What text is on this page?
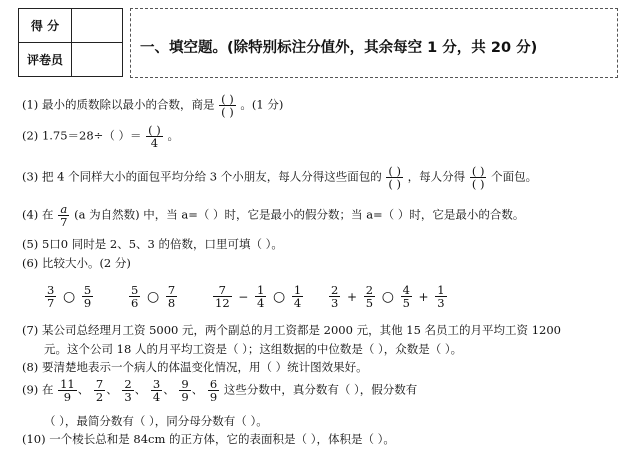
得 分	
评卷员	
一、填空题。(除特别标注分值外，其余每空 1 分，共 20 分)
(1) 最小的质数除以最小的合数，商是 $\frac{( )}{( )}$ 。(1 分)
(2) 1.75＝28÷（ ）＝ $\frac{( )}{4}$ 。
(3) 把 4 个同样大小的面包平均分给 3 个小朋友，每人分得这些面包的 $\frac{( )}{( )}$ ，每人分得 $\frac{( )}{( )}$ 个面包。
(4) 在 $\frac{a}{7} (a$ 为自然数) 中，当 a=（ ）时，它是最小的假分数；当 a=（ ）时，它是最小的合数。
(5) 5口0 同时是 2、5、3 的倍数，口里可填（ ）。
(6) 比较大小。(2 分)
$\frac{3}{7}$ ○ $\frac{5}{9}$	$\frac{5}{6}$ ○ $\frac{7}{8}$	$\frac{7}{12} - \frac{1}{4}$ ○ $\frac{1}{4} \frac{2}{3} + \frac{2}{5}$ ○ $\frac{4}{5} + \frac{1}{3}$
(7) 某公司总经理月工资 5000 元，两个副总的月工资都是 2000 元，其他 15 名员工的月平均工资 1200
元。这个公司 18 人的月平均工资是（ ）；这组数据的中位数是（ ），众数是（ ）。
(8) 要清楚地表示一个病人的体温变化情况，用（ ）统计图效果好。
(9) 在 $\frac{11}{9}$ 、 $\frac{7}{2}$ 、 $\frac{2}{3}$ 、 $\frac{3}{4}$ 、 $\frac{9}{9}$ 、 $\frac{6}{9}$ 这些分数中，真分数有（ ），假分数有
（ ），最简分数有（ ），同分母分数有（ ）。
(10) 一个棱长总和是 84cm 的正方体，它的表面积是（ ），体积是（ ）。
